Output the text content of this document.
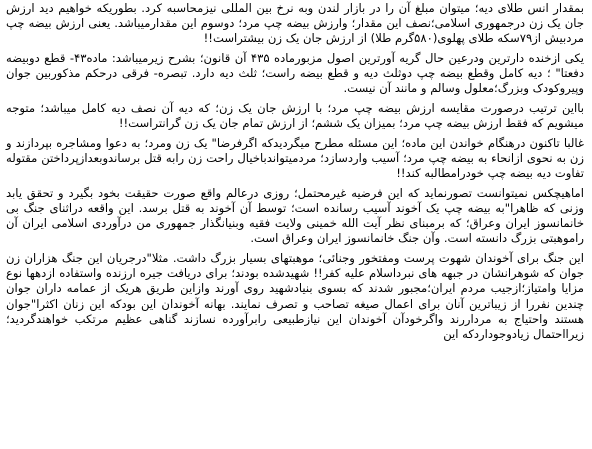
بمقدار انس طلای دیه؛ میتوان مبلغ آن را در بازار لندن وبه نرخ بین المللی نیزمحاسبه کرد. بطوریکه خواهیم دید ارزش جان یک زن درجمهوری اسلامی؛نصف این مقدار؛ وارزش بیضه چپ مرد؛ دوسوم این مقدارمیباشد. یعنی ارزش بیضه چپ مردبیش از۷۹سکه طلای پهلوی(۵۸۰گرم طلا) از ارزش جان یک زن بیشتراست!!

یکی ازخنده دارترین ودرعین حال گریه آورترین اصول مزبورماده ۴۳۵ آن قانون؛ بشرح زیرمیباشد: ماده۴۳- قطع دوبیضه دفعتا" ؛ دیه کامل وقطع بیضه چپ دوثلث دیه و قطع بیضه راست؛ ثلث دیه دارد. تبصره- فرقی درحکم مذکوربین جوان وپیروکودک وبزرگ؛معلول وسالم و مانند آن نیست.

بااین ترتیب درصورت مقایسه ارزش بیضه چپ مرد؛ با ارزش جان یک زن؛ که دیه آن نصف دیه کامل میباشد؛ متوجه میشویم که فقط ارزش بیضه چپ مرد؛ بمیزان یک ششم؛ از ارزش تمام جان یک زن گرانتراست!!

غالبا تاکنون درهنگام خواندن این ماده؛ این مسئله مطرح میگردیدکه اگرفرضا" یک زن ومرد؛ به دعوا ومشاجره بپردازند و زن به نحوی ازانحاء به بیضه چپ مرد؛ آسیب واردسازد؛ مردمیتواندباخیال راحت زن رابه قتل برساندوبعدازپرداختن مقتوله تفاوت دیه بیضه چپ خودرامطالبه کند!!

اماهیچکس نمیتوانست تصورنماید که این فرضیه غیرمحتمل؛ روزی درعالم واقع صورت حقیقت بخود بگیرد و تحقق یابد وزنی که ظاهرا"به بیضه چپ یک آخوند آسیب رسانده است؛ توسط آن آخوند به قتل برسد. این واقعه دراثنای جنگ بی خانمانسوز ایران وعراق؛ که برمبنای نظر آیت الله خمینی ولایت فقیه وبنیانگذار جمهوری من درآوردی اسلامی ایران آن راموهبتی بزرگ دانسته است. وآن جنگ خانمانسوز ایران وعراق است.

این جنگ برای آخوندان شهوت پرست ومفتخور وجنائی؛ موهبتهای بسیار بزرگ داشت. مثلا"درجریان این جنگ هزاران زن جوان که شوهرانشان در جبهه های نبرداسلام علیه کفر!! شهیدشده بودند؛ برای دریافت جیره ارزنده واستفاده ازدهها نوع مزایا وامتیاز؛ازجیب مردم ایران؛مجبور شدند که بسوی بنیادشهید روی آورند وازاین طریق هریک از عمامه داران جوان چندین نفررا از زیباترین آنان برای اعمال صیغه تصاحب و تصرف نمایند. بهانه آخوندان این بودکه این زنان اکثرا"جوان هستند واحتیاج به مرداررند واگرخودآن آخوندان این نیازطبیعی رابرآورده نسازند گناهی عظیم مرتکب خواهندگردید؛ زیرااحتمال زیادوجوداردکه این
